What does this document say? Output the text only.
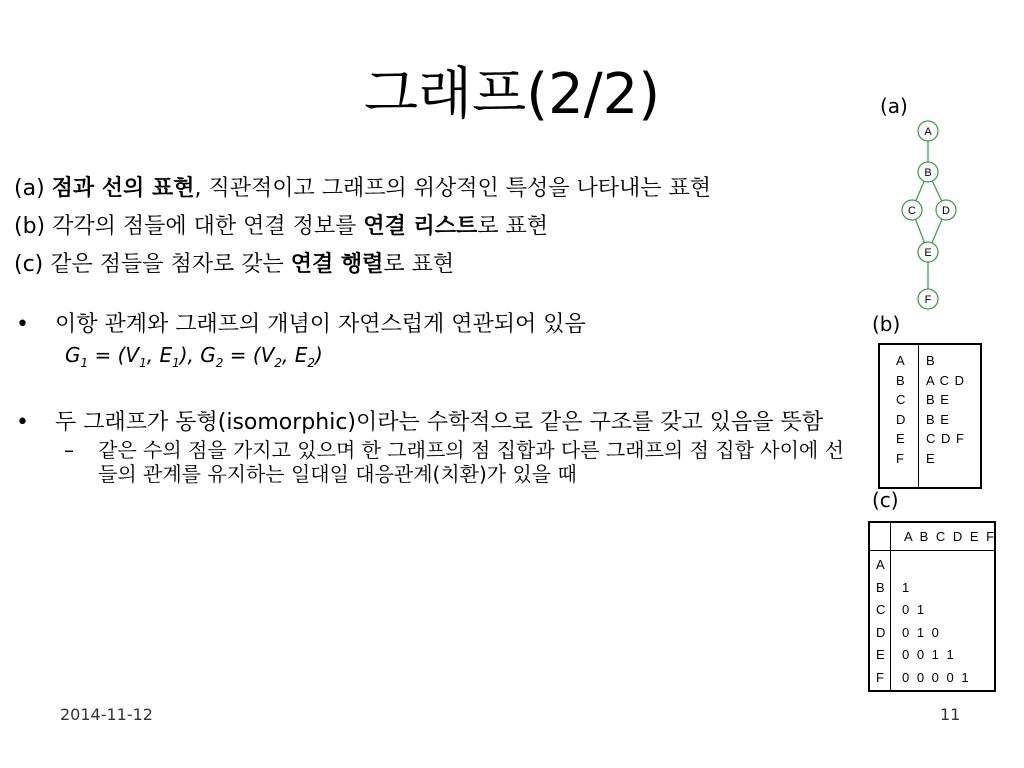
그래프(2/2)
(a) 점과 선의 표현, 직관적이고 그래프의 위상적인 특성을 나타내는 표현
(b) 각각의 점들에 대한 연결 정보를 연결 리스트로 표현
(c) 같은 점들을 첨자로 갖는 연결 행렬로 표현
• 이항 관계와 그래프의 개념이 자연스럽게 연관되어 있음
$G_1 = (V_1$, $E_1$), $G_2 = (V_2$, $E_2$)
• 두 그래프가 동형(isomorphic)이라는 수학적으로 같은 구조를 갖고 있음을 뜻함
– 같은 수의 점을 가지고 있으며 한 그래프의 점 집합과 다른 그래프의 점 집합 사이에 선들의 관계를 유지하는 일대일 대응관계(치환)가 있을 때
(a)
A
B
C D
E
F
(b)
A B
B A C D
C B E
D B E
E C D F
F E
(c)
A B C D E F
A
B 1
C 0 1
D 0 1 0
E 0 0 1 1
F 0 0 0 0 1
2014-11-12	11
